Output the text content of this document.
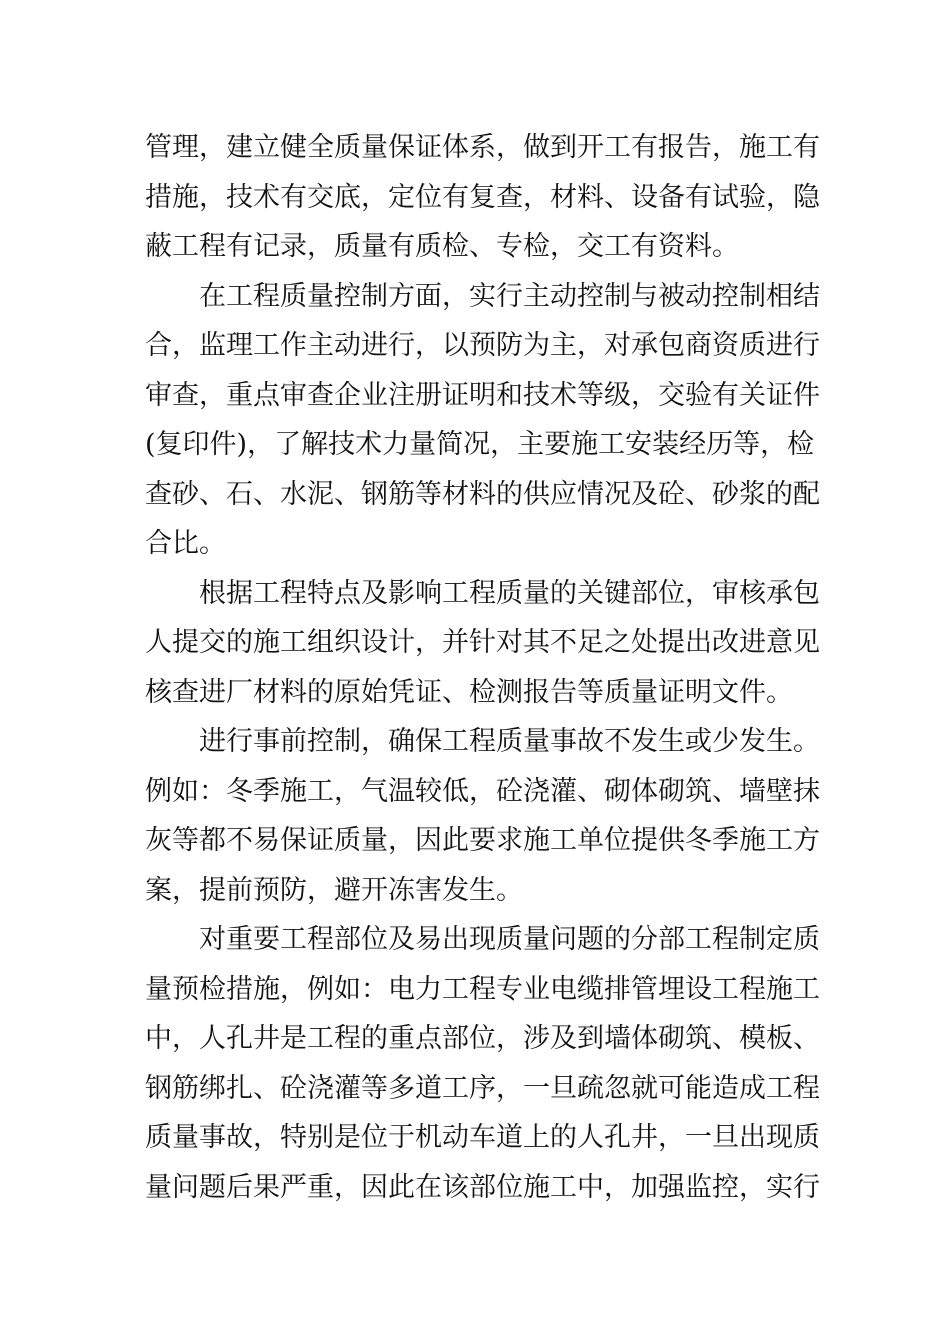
管理，建立健全质量保证体系，做到开工有报告，施工有
措施，技术有交底，定位有复查，材料、设备有试验，隐
蔽工程有记录，质量有质检、专检，交工有资料。
在工程质量控制方面，实行主动控制与被动控制相结
合，监理工作主动进行，以预防为主，对承包商资质进行
审查，重点审查企业注册证明和技术等级，交验有关证件
(复印件)，了解技术力量简况，主要施工安装经历等，检
查砂、石、水泥、钢筋等材料的供应情况及砼、砂浆的配
合比。
根据工程特点及影响工程质量的关键部位，审核承包
人提交的施工组织设计，并针对其不足之处提出改进意见
核查进厂材料的原始凭证、检测报告等质量证明文件。
进行事前控制，确保工程质量事故不发生或少发生。
例如：冬季施工，气温较低，砼浇灌、砌体砌筑、墙壁抹
灰等都不易保证质量，因此要求施工单位提供冬季施工方
案，提前预防，避开冻害发生。
对重要工程部位及易出现质量问题的分部工程制定质
量预检措施，例如：电力工程专业电缆排管埋设工程施工
中，人孔井是工程的重点部位，涉及到墙体砌筑、模板、
钢筋绑扎、砼浇灌等多道工序，一旦疏忽就可能造成工程
质量事故，特别是位于机动车道上的人孔井，一旦出现质
量问题后果严重，因此在该部位施工中，加强监控，实行
